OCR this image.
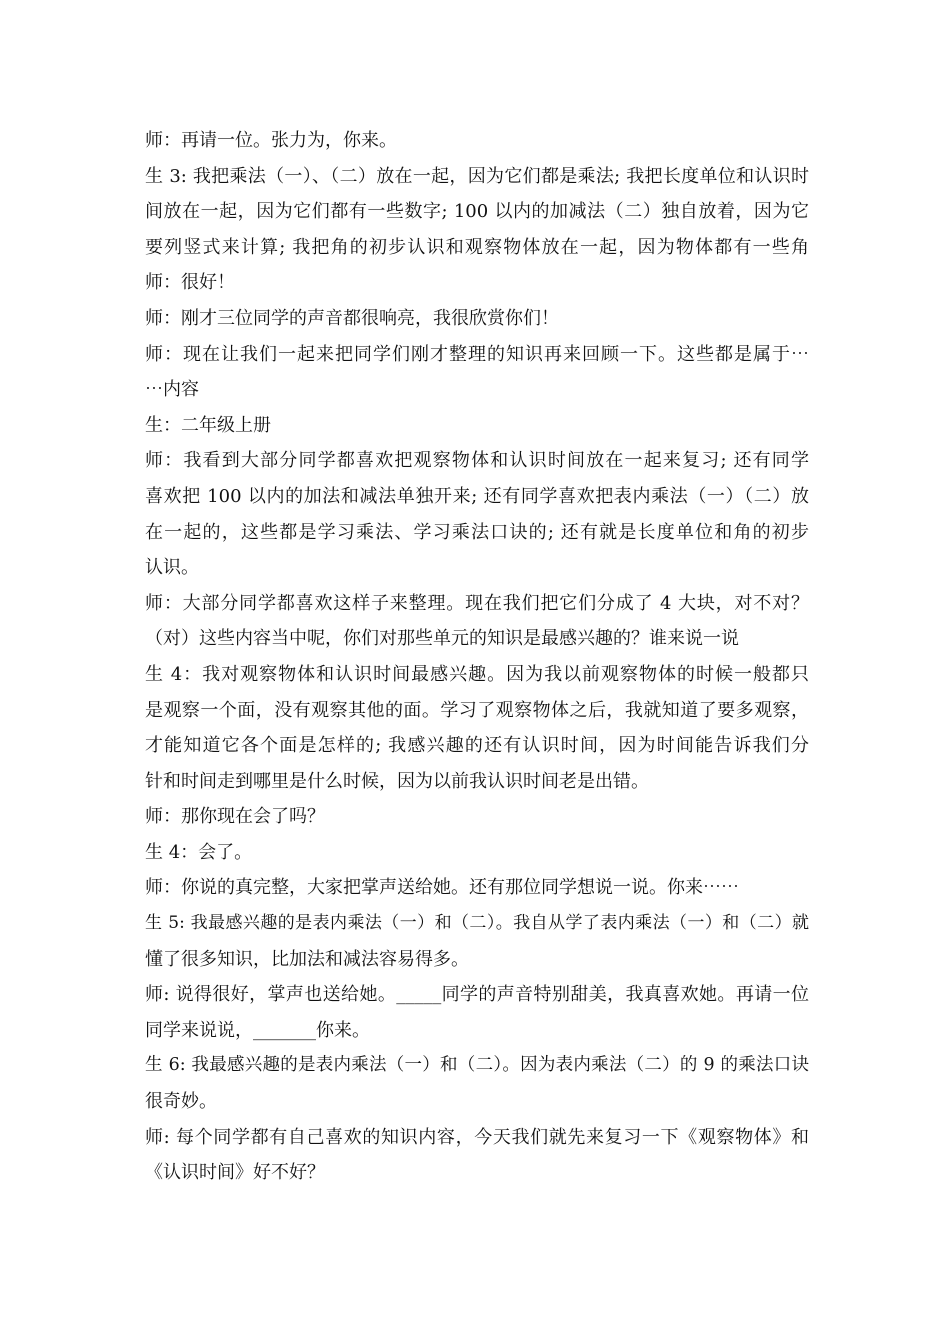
师：再请一位。张力为，你来。
生 3: 我把乘法（一）、（二）放在一起，因为它们都是乘法; 我把长度单位和认识时
间放在一起，因为它们都有一些数字; 100 以内的加减法（二）独自放着，因为它
要列竖式来计算; 我把角的初步认识和观察物体放在一起，因为物体都有一些角
师：很好！
师：刚才三位同学的声音都很响亮，我很欣赏你们！
师：现在让我们一起来把同学们刚才整理的知识再来回顾一下。这些都是属于⋯
⋯内容
生：二年级上册
师：我看到大部分同学都喜欢把观察物体和认识时间放在一起来复习; 还有同学
喜欢把 100 以内的加法和减法单独开来; 还有同学喜欢把表内乘法（一）（二）放
在一起的，这些都是学习乘法、学习乘法口诀的; 还有就是长度单位和角的初步
认识。
师：大部分同学都喜欢这样子来整理。现在我们把它们分成了 4 大块，对不对？
（对）这些内容当中呢，你们对那些单元的知识是最感兴趣的？谁来说一说
生 4：我对观察物体和认识时间最感兴趣。因为我以前观察物体的时候一般都只
是观察一个面，没有观察其他的面。学习了观察物体之后，我就知道了要多观察，
才能知道它各个面是怎样的; 我感兴趣的还有认识时间，因为时间能告诉我们分
针和时间走到哪里是什么时候，因为以前我认识时间老是出错。
师：那你现在会了吗？
生 4：会了。
师：你说的真完整，大家把掌声送给她。还有那位同学想说一说。你来⋯⋯
生 5: 我最感兴趣的是表内乘法（一）和（二）。我自从学了表内乘法（一）和（二）就
懂了很多知识，比加法和减法容易得多。
师: 说得很好，掌声也送给她。_____同学的声音特别甜美，我真喜欢她。再请一位
同学来说说，_______你来。
生 6: 我最感兴趣的是表内乘法（一）和（二）。因为表内乘法（二）的 9 的乘法口诀
很奇妙。
师: 每个同学都有自己喜欢的知识内容，今天我们就先来复习一下《观察物体》和
《认识时间》好不好？
